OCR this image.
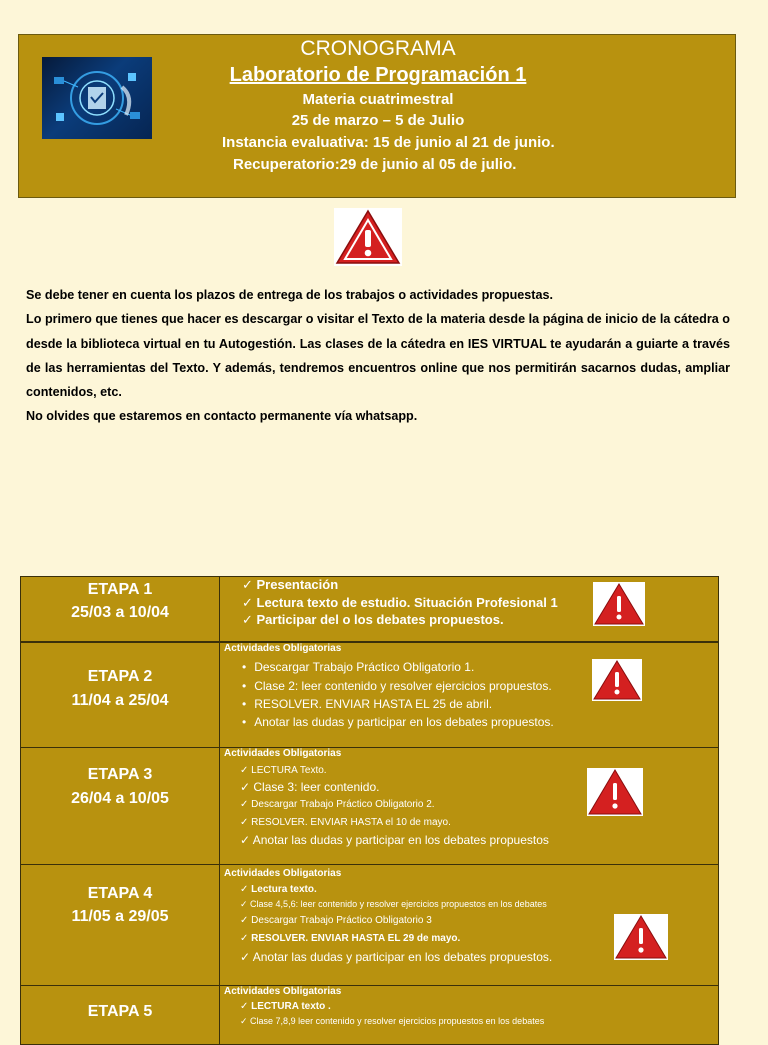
CRONOGRAMA
Laboratorio de Programación 1
Materia cuatrimestral
25 de marzo – 5 de Julio
Instancia evaluativa: 15 de junio al 21 de junio.
Recuperatorio:29 de junio al 05 de julio.

Se debe tener en cuenta los plazos de entrega de los trabajos o actividades propuestas.

Lo primero que tienes que hacer es descargar o visitar el Texto de la materia desde la página de inicio de la cátedra o desde la biblioteca virtual en tu Autogestión. Las clases de la cátedra en IES VIRTUAL te ayudarán a guiarte a través de las herramientas del Texto. Y además, tendremos encuentros online que nos permitirán sacarnos dudas, ampliar contenidos, etc.

No olvides que estaremos en contacto permanente vía whatsapp.

ETAPA 1
25/03 a 10/04
✓ Presentación
✓ Lectura texto de estudio. Situación Profesional 1
✓ Participar del o los debates propuestos.
ETAPA 2
11/04 a 25/04
Actividades Obligatorias
• Descargar Trabajo Práctico Obligatorio 1.
• Clase 2: leer contenido y resolver ejercicios propuestos.
• RESOLVER. ENVIAR HASTA EL 25 de abril.
• Anotar las dudas y participar en los debates propuestos.
ETAPA 3
26/04 a 10/05
Actividades Obligatorias
✓ LECTURA Texto.
✓ Clase 3: leer contenido.
✓ Descargar Trabajo Práctico Obligatorio 2.
✓ RESOLVER. ENVIAR HASTA el 10 de mayo.
✓ Anotar las dudas y participar en los debates propuestos
ETAPA 4
11/05 a 29/05
Actividades Obligatorias
✓ Lectura texto.
✓ Clase 4,5,6: leer contenido y resolver ejercicios propuestos en los debates
✓ Descargar Trabajo Práctico Obligatorio 3
✓ RESOLVER. ENVIAR HASTA EL 29 de mayo.
✓ Anotar las dudas y participar en los debates propuestos.
ETAPA 5
Actividades Obligatorias
✓ LECTURA texto .
✓ Clase 7,8,9 leer contenido y resolver ejercicios propuestos en los debates
